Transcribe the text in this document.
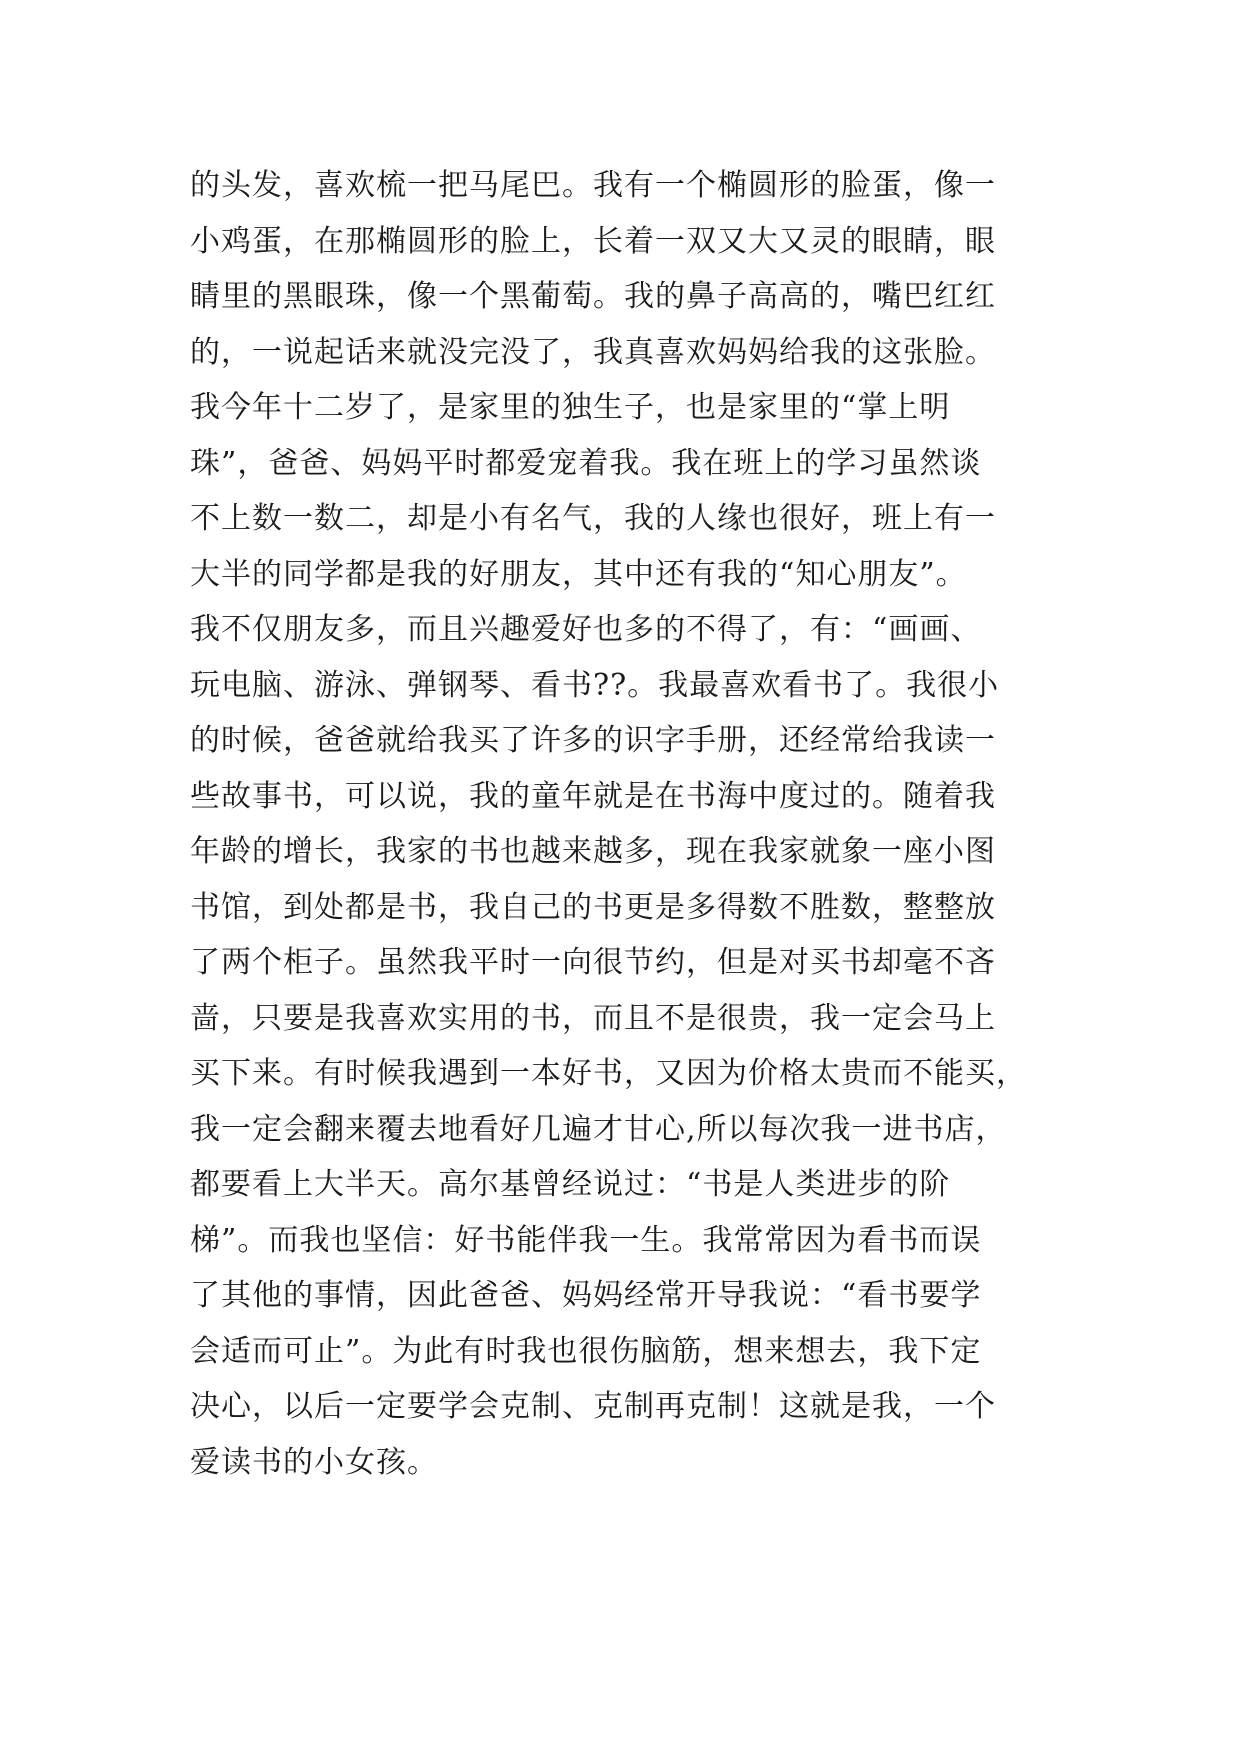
的头发，喜欢梳一把马尾巴。我有一个椭圆形的脸蛋，像一
小鸡蛋，在那椭圆形的脸上，长着一双又大又灵的眼睛，眼
睛里的黑眼珠，像一个黑葡萄。我的鼻子高高的，嘴巴红红
的，一说起话来就没完没了，我真喜欢妈妈给我的这张脸。
我今年十二岁了，是家里的独生子，也是家里的“掌上明
珠”，爸爸、妈妈平时都爱宠着我。我在班上的学习虽然谈
不上数一数二，却是小有名气，我的人缘也很好，班上有一
大半的同学都是我的好朋友，其中还有我的“知心朋友”。
我不仅朋友多，而且兴趣爱好也多的不得了，有：“画画、
玩电脑、游泳、弹钢琴、看书??。我最喜欢看书了。我很小
的时候，爸爸就给我买了许多的识字手册，还经常给我读一
些故事书，可以说，我的童年就是在书海中度过的。随着我
年龄的增长，我家的书也越来越多，现在我家就象一座小图
书馆，到处都是书，我自己的书更是多得数不胜数，整整放
了两个柜子。虽然我平时一向很节约，但是对买书却毫不吝
啬，只要是我喜欢实用的书，而且不是很贵，我一定会马上
买下来。有时候我遇到一本好书，又因为价格太贵而不能买，
我一定会翻来覆去地看好几遍才甘心,所以每次我一进书店，
都要看上大半天。高尔基曾经说过：“书是人类进步的阶
梯”。而我也坚信：好书能伴我一生。我常常因为看书而误
了其他的事情，因此爸爸、妈妈经常开导我说：“看书要学
会适而可止”。为此有时我也很伤脑筋，想来想去，我下定
决心，以后一定要学会克制、克制再克制！这就是我，一个
爱读书的小女孩。
